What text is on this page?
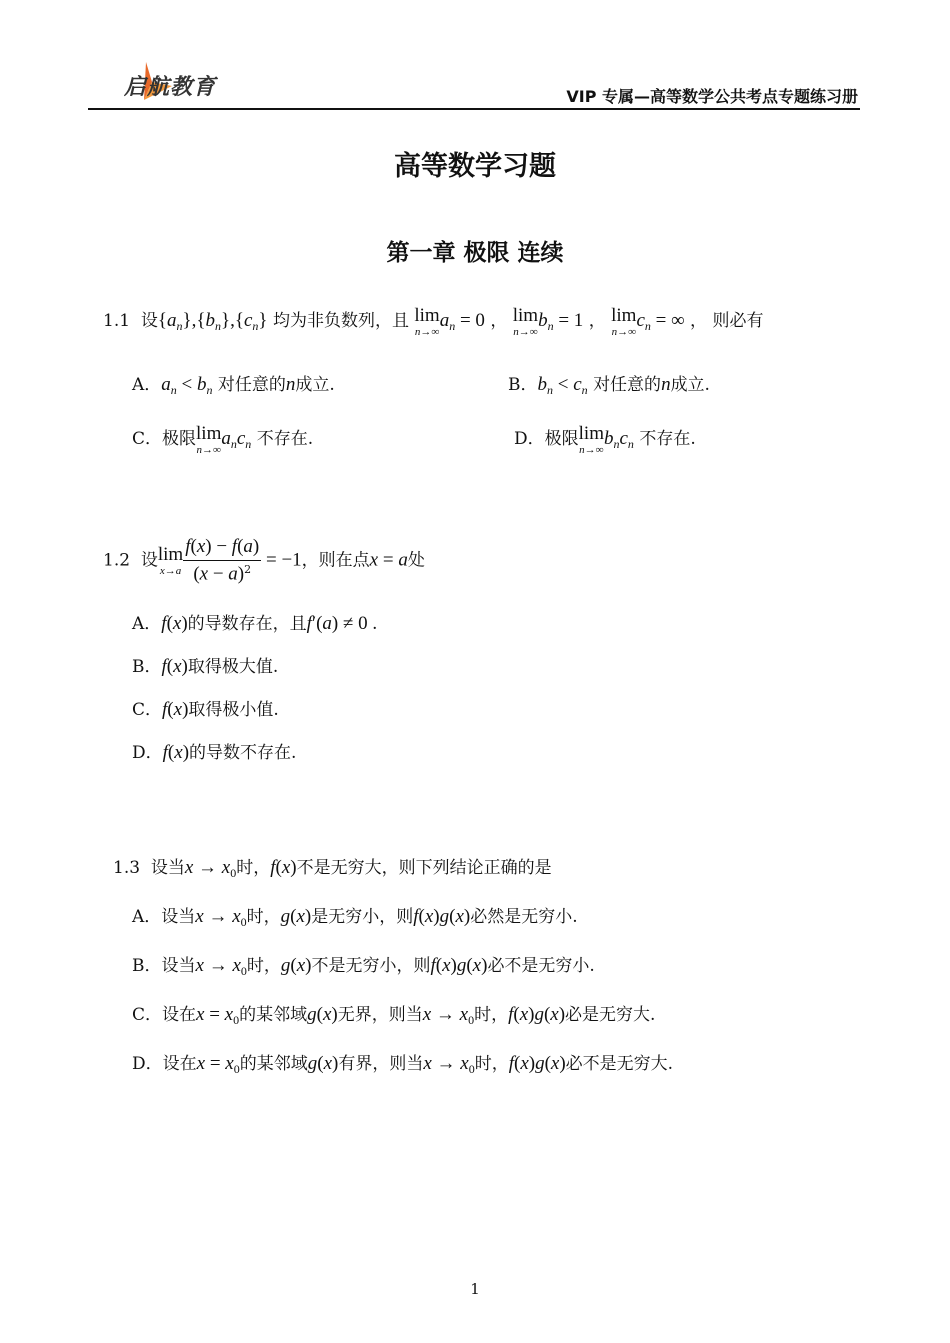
启航教育	VIP 专属—高等数学公共考点专题练习册
高等数学习题
第一章 极限 连续
1.1 设$\{a_n\},\{b_n\},\{c_n\}$ 均为非负数列，且 lim
n→∞
$a_n = 0$ ， lim
n→∞
$b_n = 1$ ， lim
n→∞
$c_n$ = ∞ ， 则必有
A．$a_n < b_n$ 对任意的n成立.	B．$b_n < c_n$ 对任意的n成立.
C．极限 lim
n→∞
$a_nc_n$ 不存在.	D．极限 lim
n→∞
$b_nc_n$ 不存在.
1.2 设 lim
$x\to a \frac{f(x) - f(a)}{(x - a)^2} = -1$，则在点x = a处
A．f(x)的导数存在，且f′(a) ≠ 0 .
B．f(x)取得极大值.
C．f(x)取得极小值.
D．f(x)的导数不存在.
1.3 设当$x \to x_0$时，f(x)不是无穷大，则下列结论正确的是
A．设当$x \to x_0$时，g(x)是无穷小，则f(x)g(x)必然是无穷小.
B．设当$x \to x_0$时，g(x)不是无穷小，则f(x)g(x)必不是无穷小.
C．设在$x = x_0$的某邻域g(x)无界，则当$x \to x_0$时，f(x)g(x)必是无穷大.
D．设在$x = x_0$的某邻域g(x)有界，则当$x \to x_0$时，f(x)g(x)必不是无穷大.
1
